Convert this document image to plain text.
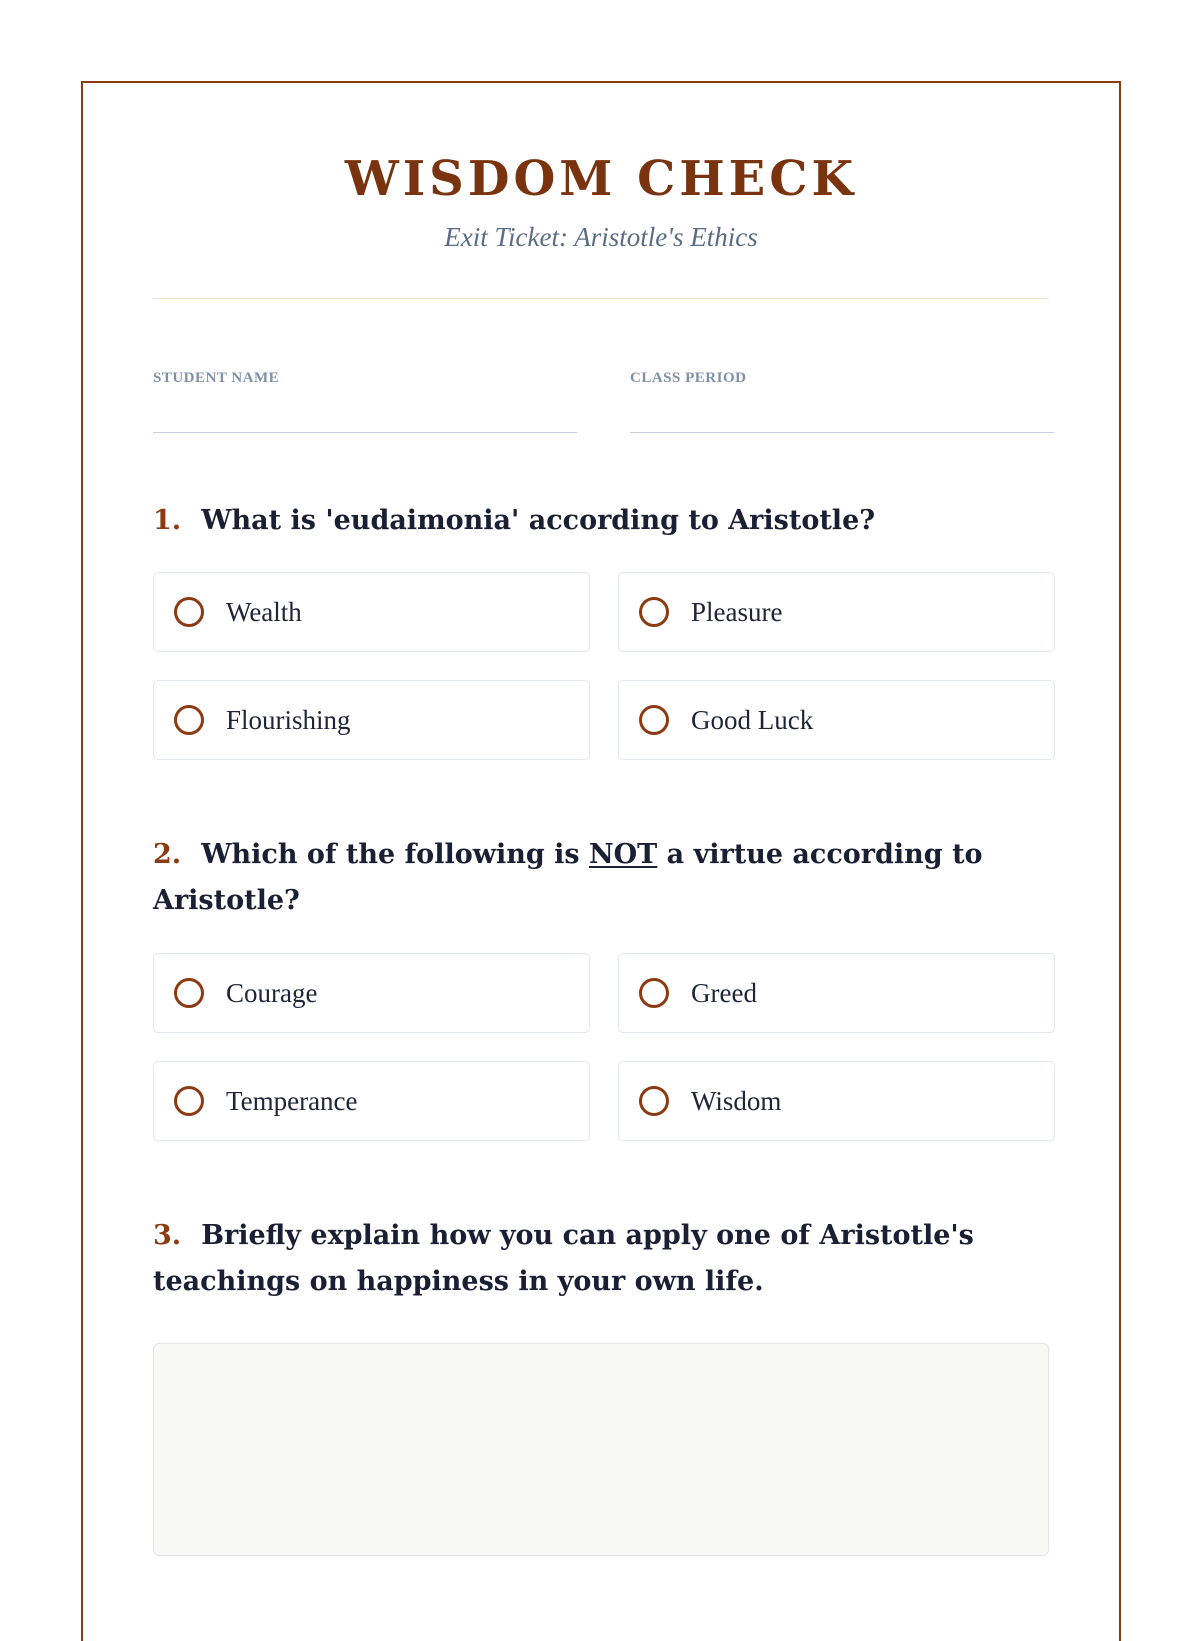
WISDOM CHECK
Exit Ticket: Aristotle's Ethics
STUDENT NAME	CLASS PERIOD
1. What is 'eudaimonia' according to Aristotle?
Wealth	Pleasure
Flourishing	Good Luck
2. Which of the following is NOT a virtue according to Aristotle?
Courage	Greed
Temperance	Wisdom
3. Briefly explain how you can apply one of Aristotle's teachings on happiness in your own life.
